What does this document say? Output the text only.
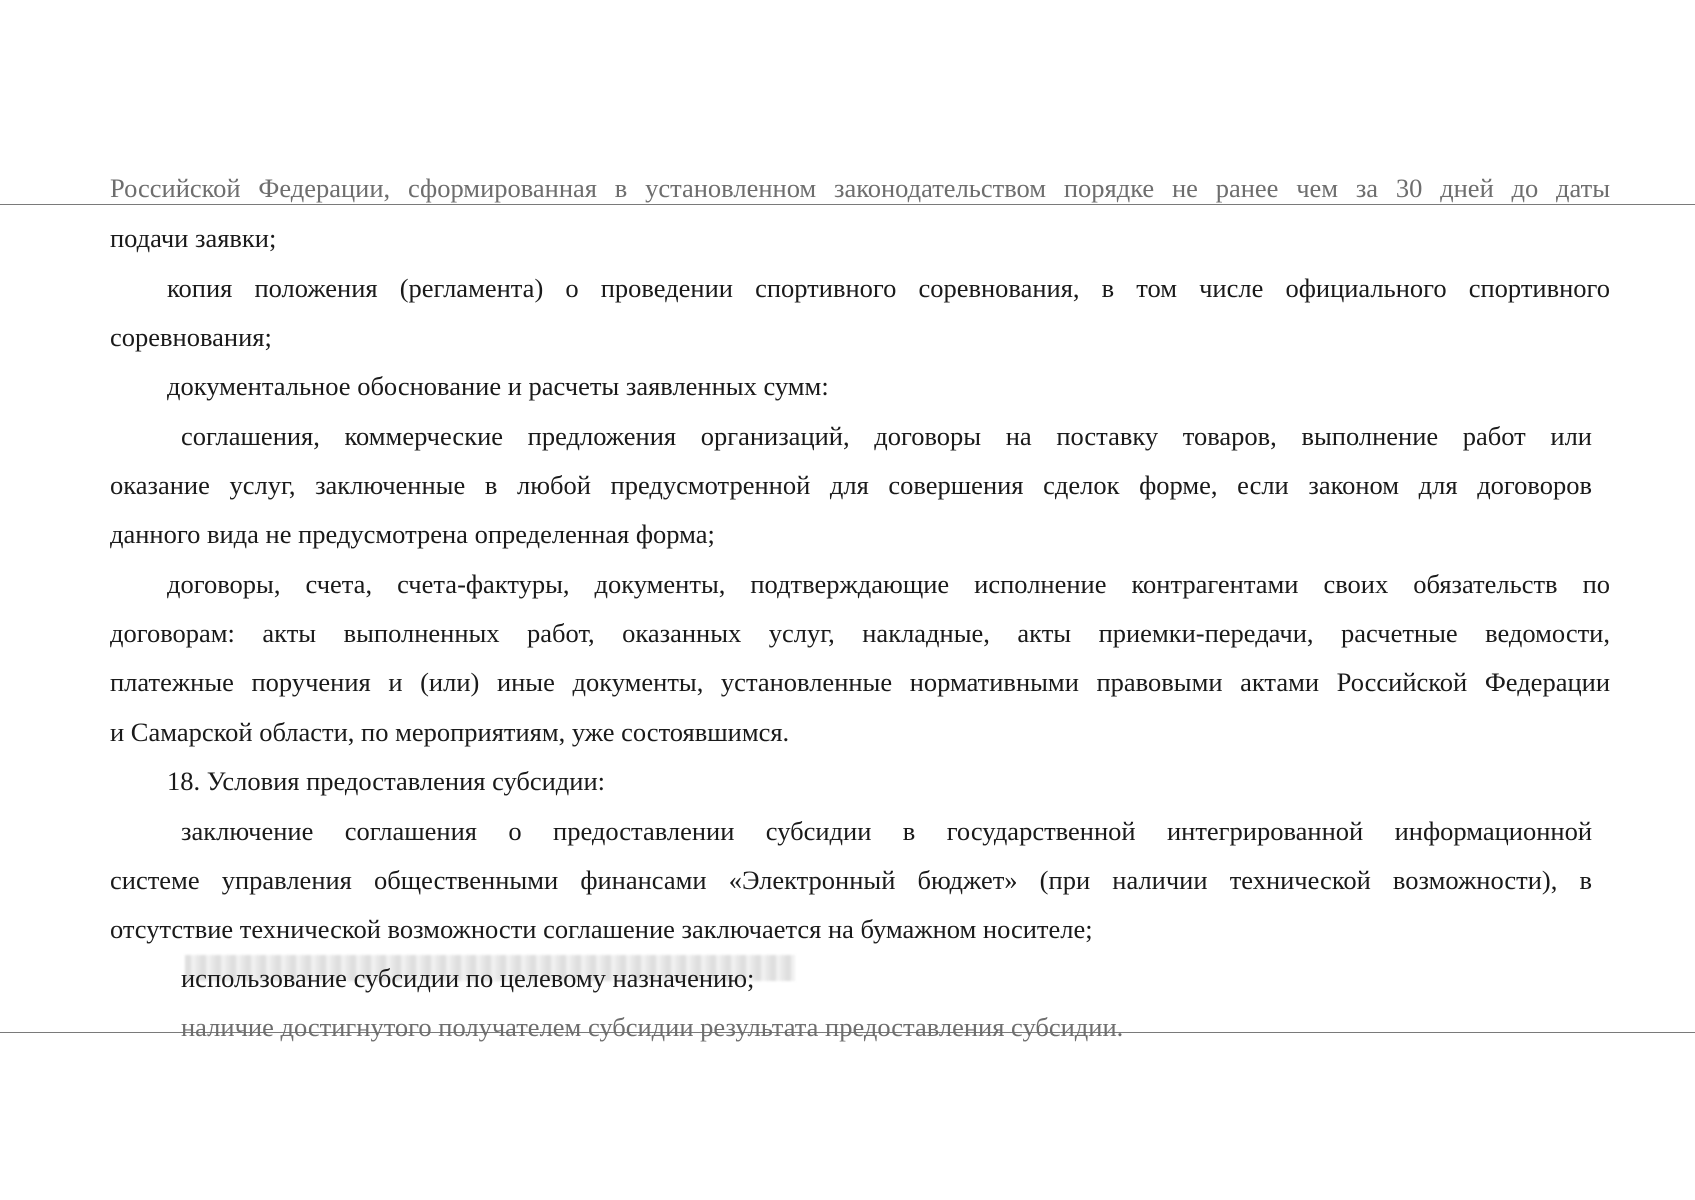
Российской Федерации, сформированная в установленном законодательством порядке не ранее чем за 30 дней до даты
подачи заявки;
копия положения (регламента) о проведении спортивного соревнования, в том числе официального спортивного
соревнования;
документальное обоснование и расчеты заявленных сумм:
соглашения, коммерческие предложения организаций, договоры на поставку товаров, выполнение работ или
оказание услуг, заключенные в любой предусмотренной для совершения сделок форме, если законом для договоров
данного вида не предусмотрена определенная форма;
договоры, счета, счета-фактуры, документы, подтверждающие исполнение контрагентами своих обязательств по
договорам: акты выполненных работ, оказанных услуг, накладные, акты приемки-передачи, расчетные ведомости,
платежные поручения и (или) иные документы, установленные нормативными правовыми актами Российской Федерации
и Самарской области, по мероприятиям, уже состоявшимся.
18. Условия предоставления субсидии:
заключение соглашения о предоставлении субсидии в государственной интегрированной информационной
системе управления общественными финансами «Электронный бюджет» (при наличии технической возможности), в
отсутствие технической возможности соглашение заключается на бумажном носителе;
использование субсидии по целевому назначению;
наличие достигнутого получателем субсидии результата предоставления субсидии.
